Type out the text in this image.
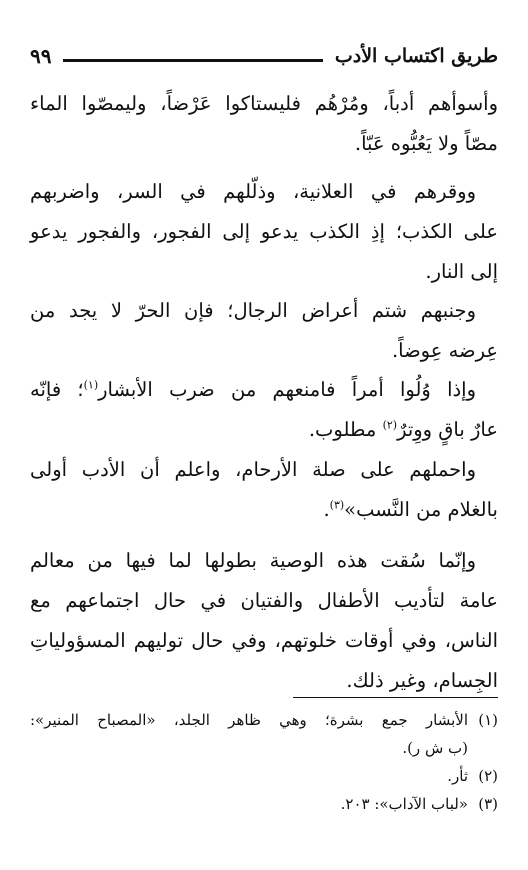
طريق اكتساب الأدب
٩٩
وأسوأهم أدباً، ومُرْهُم فليستاكوا عَرْضاً، وليمصّوا الماء
مصّاً ولا يَعُبُّوه عَبّاً.
ووقرهم في العلانية، وذلّلهم في السر، واضربهم
على الكذب؛ إذِ الكذب يدعو إلى الفجور، والفجور يدعو
إلى النار.
وجنبهم شتم أعراض الرجال؛ فإن الحرّ لا يجد من
عِرضه عِوضاً.
وإذا وُلُوا أمراً فامنعهم من ضرب الأبشار$^{(١)}$؛ فإنّه
عارٌ باقٍ ووِترٌ$^{(٢)}$ مطلوب.
واحملهم على صلة الأرحام، واعلم أن الأدب أولى
بالغلام من النَّسب»$^{(٣)}$.
وإنّما سُقت هذه الوصية بطولها لما فيها من معالم
عامة لتأديب الأطفال والفتيان في حال اجتماعهم مع
الناس، وفي أوقات خلوتهم، وفي حال توليهم المسؤولياتِ
الجِسام، وغير ذلك.
(١)
الأبشار جمع بشرة؛ وهي ظاهر الجلد، «المصباح المنير»:
(ب ش ر).
(٢)
ثأر.
(٣)
«لباب الآداب»: ٢٠٣.
